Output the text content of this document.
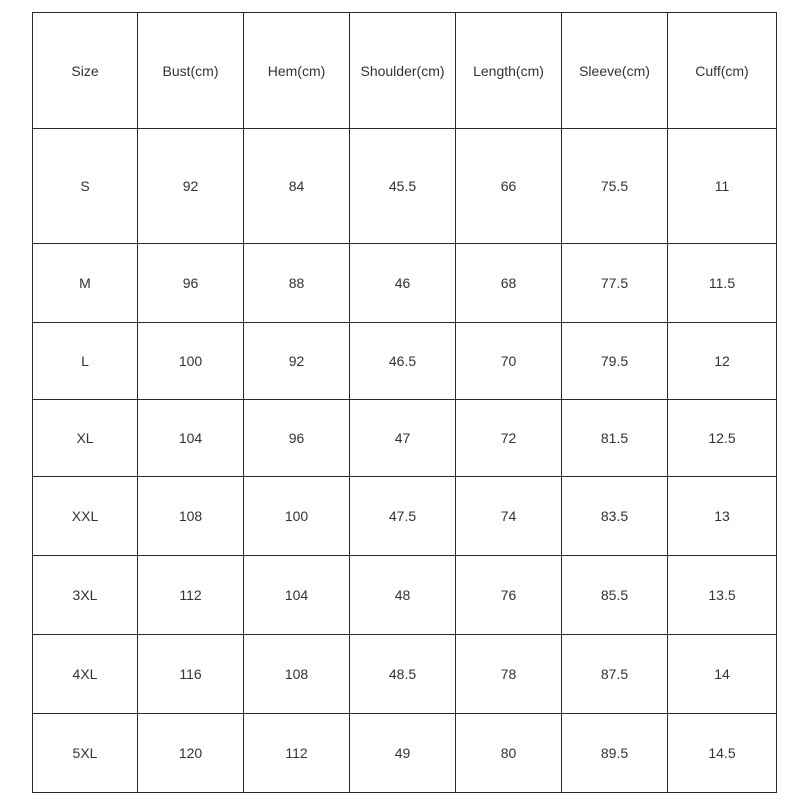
Size	Bust(cm)	Hem(cm)	Shoulder(cm)	Length(cm)	Sleeve(cm)	Cuff(cm)
S	92	84	45.5	66	75.5	11
M	96	88	46	68	77.5	11.5
L	100	92	46.5	70	79.5	12
XL	104	96	47	72	81.5	12.5
XXL	108	100	47.5	74	83.5	13
3XL	112	104	48	76	85.5	13.5
4XL	116	108	48.5	78	87.5	14
5XL	120	112	49	80	89.5	14.5
